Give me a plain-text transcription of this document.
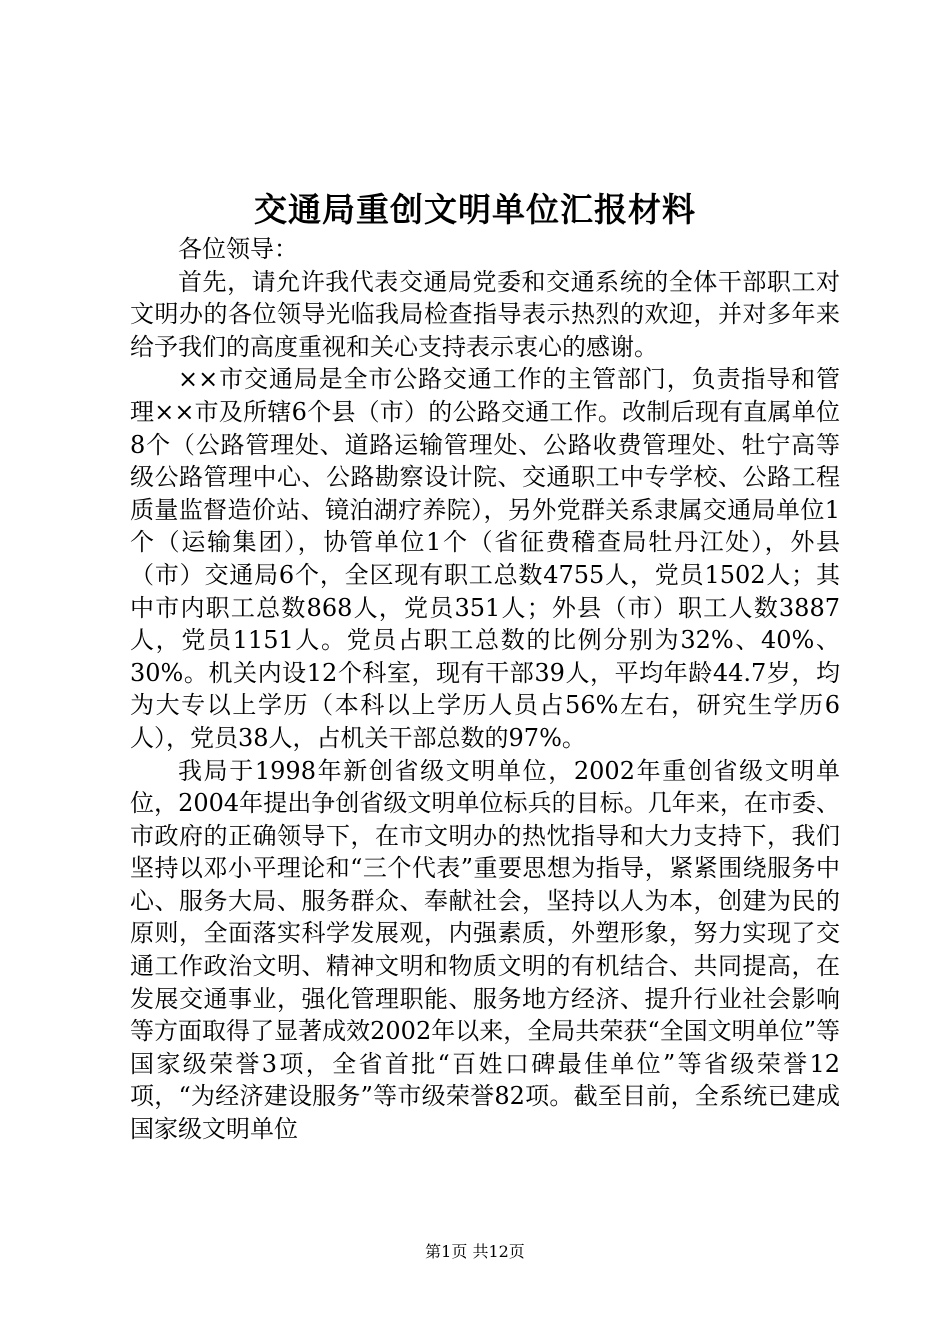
交通局重创文明单位汇报材料

各位领导：

首先，请允许我代表交通局党委和交通系统的全体干部职工对文明办的各位领导光临我局检查指导表示热烈的欢迎，并对多年来给予我们的高度重视和关心支持表示衷心的感谢。

××市交通局是全市公路交通工作的主管部门，负责指导和管理××市及所辖6个县（市）的公路交通工作。改制后现有直属单位8个（公路管理处、道路运输管理处、公路收费管理处、牡宁高等级公路管理中心、公路勘察设计院、交通职工中专学校、公路工程质量监督造价站、镜泊湖疗养院），另外党群关系隶属交通局单位1个（运输集团），协管单位1个（省征费稽查局牡丹江处），外县（市）交通局6个，全区现有职工总数4755人，党员1502人；其中市内职工总数868人，党员351人；外县（市）职工人数3887人，党员1151人。党员占职工总数的比例分别为32%、40%、30%。机关内设12个科室，现有干部39人，平均年龄44.7岁，均为大专以上学历（本科以上学历人员占56%左右，研究生学历6人），党员38人，占机关干部总数的97%。

我局于1998年新创省级文明单位，2002年重创省级文明单位，2004年提出争创省级文明单位标兵的目标。几年来，在市委、市政府的正确领导下，在市文明办的热忱指导和大力支持下，我们坚持以邓小平理论和“三个代表”重要思想为指导，紧紧围绕服务中心、服务大局、服务群众、奉献社会，坚持以人为本，创建为民的原则，全面落实科学发展观，内强素质，外塑形象，努力实现了交通工作政治文明、精神文明和物质文明的有机结合、共同提高，在发展交通事业，强化管理职能、服务地方经济、提升行业社会影响等方面取得了显著成效2002年以来，全局共荣获“全国文明单位”等国家级荣誉3项，全省首批“百姓口碑最佳单位”等省级荣誉12项，“为经济建设服务”等市级荣誉82项。截至目前，全系统已建成国家级文明单位

第1页 共12页
